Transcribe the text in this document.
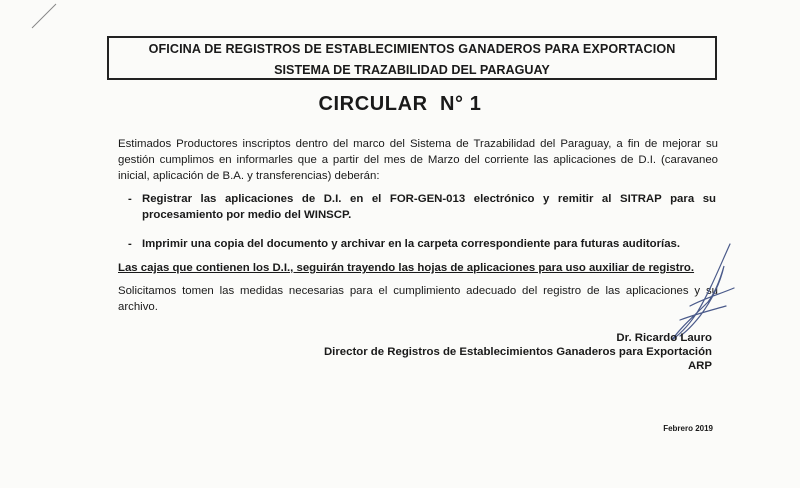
OFICINA DE REGISTROS DE ESTABLECIMIENTOS GANADEROS PARA EXPORTACION
SISTEMA DE TRAZABILIDAD DEL PARAGUAY
CIRCULAR  N° 1
Estimados Productores inscriptos dentro del marco del Sistema de Trazabilidad del Paraguay, a fin de mejorar su gestión cumplimos en informarles que a partir del mes de Marzo del corriente las aplicaciones de D.I. (caravaneo inicial, aplicación de B.A. y transferencias) deberán:
- Registrar las aplicaciones de D.I. en el FOR-GEN-013 electrónico y remitir al SITRAP para su procesamiento por medio del WINSCP.
- Imprimir una copia del documento y archivar en la carpeta correspondiente para futuras auditorías.
Las cajas que contienen los D.I., seguirán trayendo las hojas de aplicaciones para uso auxiliar de registro.
Solicitamos tomen las medidas necesarias para el cumplimiento adecuado del registro de las aplicaciones y su archivo.
Dr. Ricardo Lauro
Director de Registros de Establecimientos Ganaderos para Exportación
ARP
Febrero 2019
